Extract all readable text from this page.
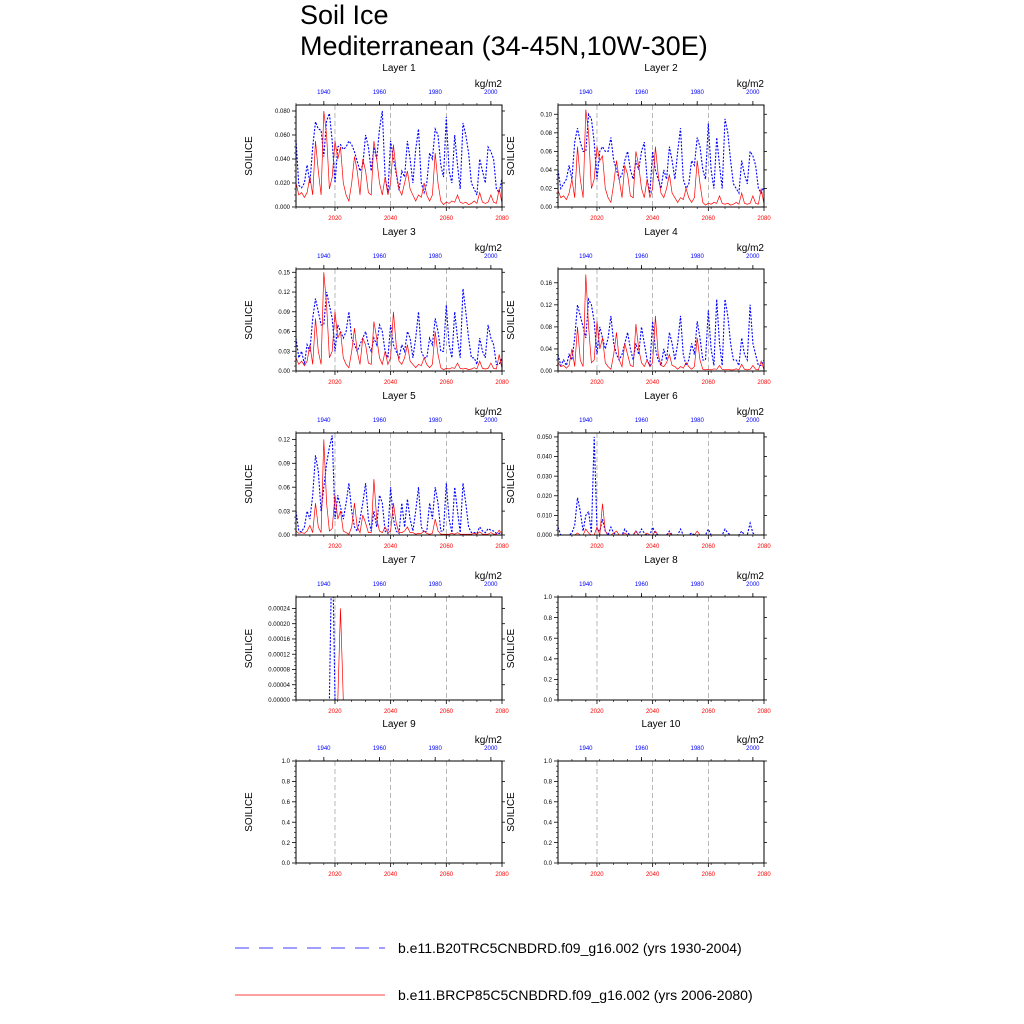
Soil Ice
Mediterranean (34-45N,10W-30E)
Layer 1
kg/m2
SOILICE
0.000
0.020
0.040
0.060
0.080
2020	2040	2060	2080
1940	1960	1980	2000
Layer 2
kg/m2
SOILICE
0.00
0.02
0.04
0.06
0.08
0.10
2020	2040	2060	2080
1940	1960	1980	2000
Layer 3
kg/m2
SOILICE
0.00
0.03
0.06
0.09
0.12
0.15
2020	2040	2060	2080
1940	1960	1980	2000
Layer 4
kg/m2
SOILICE
0.00
0.04
0.08
0.12
0.16
2020	2040	2060	2080
1940	1960	1980	2000
Layer 5
kg/m2
SOILICE
0.00
0.03
0.06
0.09
0.12
2020	2040	2060	2080
1940	1960	1980	2000
Layer 6
kg/m2
SOILICE
0.000
0.010
0.020
0.030
0.040
0.050
2020	2040	2060	2080
1940	1960	1980	2000
Layer 7
kg/m2
SOILICE
0.00000
0.00004
0.00008
0.00012
0.00016
0.00020
0.00024
2020	2040	2060	2080
1940	1960	1980	2000
Layer 8
kg/m2
SOILICE
0.0
0.2
0.4
0.6
0.8
1.0
2020	2040	2060	2080
1940	1960	1980	2000
Layer 9
kg/m2
SOILICE
0.0
0.2
0.4
0.6
0.8
1.0
2020	2040	2060	2080
1940	1960	1980	2000
Layer 10
kg/m2
SOILICE
0.0
0.2
0.4
0.6
0.8
1.0
2020	2040	2060	2080
1940	1960	1980	2000
b.e11.B20TRC5CNBDRD.f09_g16.002 (yrs 1930-2004)
b.e11.BRCP85C5CNBDRD.f09_g16.002 (yrs 2006-2080)
